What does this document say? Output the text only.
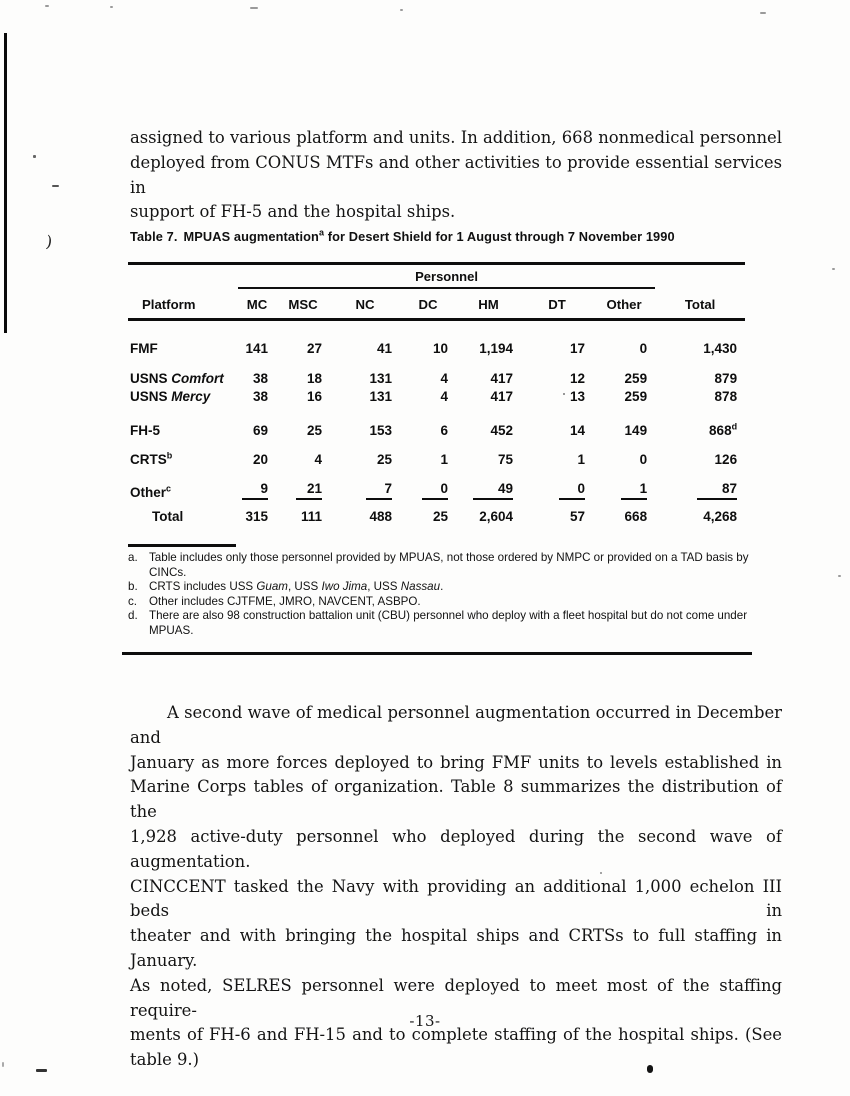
)
assigned to various platform and units. In addition, 668 nonmedical personnel
deployed from CONUS MTFs and other activities to provide essential services in
support of FH-5 and the hospital ships.
Table 7. MPUAS augmentation$^a$ for Desert Shield for 1 August through 7 November 1990
	Personnel							
Platform	MC	MSC	NC	DC	HM	DT	Other	Total
FMF	141	27	41	10	1,194	17	0	1,430
USNS Comfort	38	18	131	4	417	12	259	879
USNS Mercy	38	16	131	4	417	13	259	878
FH-5	69	25	153	6	452	14	149	868$^d$
CRTS$^b$	20	4	25	1	75	1	0	126
Other$^c$	9	21	7	0	49	0	1	87
Total	315	111	488	25	2,604	57	668	4,268
a. Table includes only those personnel provided by MPUAS, not those ordered by NMPC or provided on a TAD basis by CINCs.
b. CRTS includes USS Guam, USS Iwo Jima, USS Nassau.
c.	Other includes CJTFME, JMRO, NAVCENT, ASBPO.
d. There are also 98 construction battalion unit (CBU) personnel who deploy with a fleet hospital but do not come under MPUAS.
A second wave of medical personnel augmentation occurred in December and
January as more forces deployed to bring FMF units to levels established in
Marine Corps tables of organization. Table 8 summarizes the distribution of the
1,928 active-duty personnel who deployed during the second wave of augmentation.
CINCCENT tasked the Navy with providing an additional 1,000 echelon III beds in
theater and with bringing the hospital ships and CRTSs to full staffing in January.
As noted, SELRES personnel were deployed to meet most of the staffing require-
ments of FH-6 and FH-15 and to complete staffing of the hospital ships. (See
table 9.)
-13-
